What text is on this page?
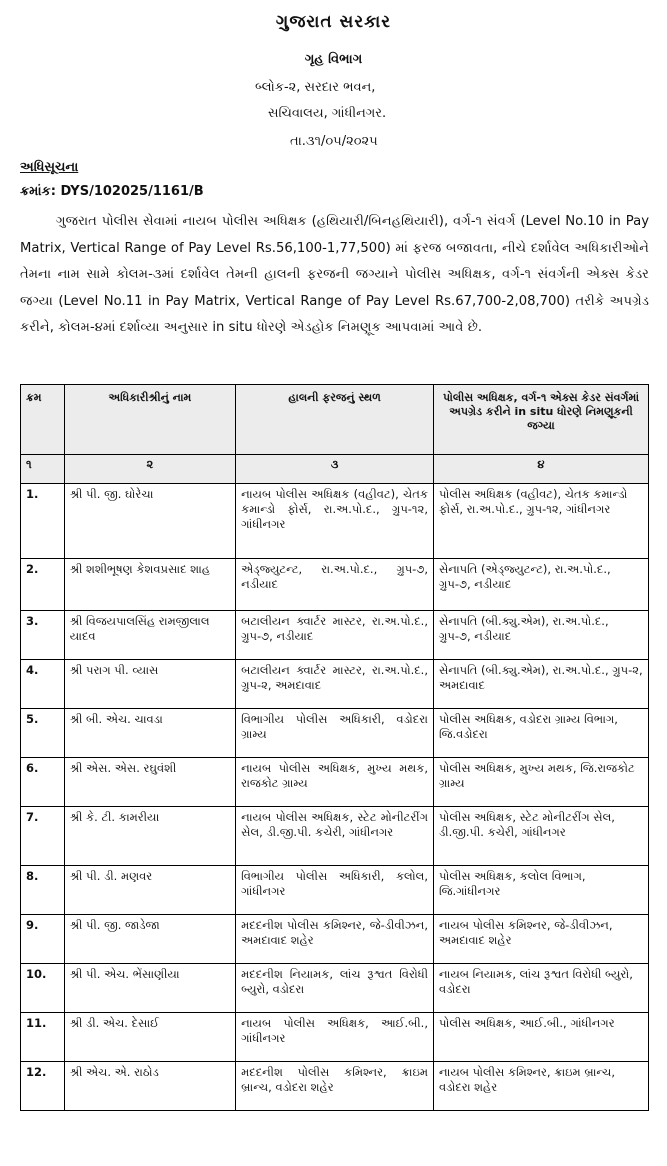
ગુજરાત સરકાર
ગૃહ વિભાગ
બ્લોક-૨, સરદાર ભવન,
સચિવાલય, ગાંધીનગર.
તા.૩૧/૦૫/૨૦૨૫
અધિસૂચના
ક્રમાંક: DYS/102025/1161/B
ગુજરાત પોલીસ સેવામાં નાયબ પોલીસ અધિક્ષક (હથિયારી/બિનહથિયારી), વર્ગ-૧ સંવર્ગ (Level No.10 in Pay Matrix, Vertical Range of Pay Level Rs.56,100-1,77,500) માં ફરજ બજાવતા, નીચે દર્શાવેલ અધિકારીઓને તેમના નામ સામે કોલમ-૩માં દર્શાવેલ તેમની હાલની ફરજની જગ્યાને પોલીસ અધિક્ષક, વર્ગ-૧ સંવર્ગની એક્સ કેડર જગ્યા (Level No.11 in Pay Matrix, Vertical Range of Pay Level Rs.67,700-2,08,700) તરીકે અપગ્રેડ કરીને, કોલમ-૪માં દર્શાવ્યા અનુસાર in situ ધોરણે એડહોક નિમણૂક આપવામાં આવે છે.
ક્રમ	અધિકારીશ્રીનું નામ	હાલની ફરજનું સ્થળ	પોલીસ અધિક્ષક, વર્ગ-૧ એક્સ કેડર સંવર્ગમાં અપગ્રેડ કરીને in situ ધોરણે નિમણૂકની જગ્યા
૧	૨	૩	૪
1.	શ્રી પી. જી. ઘોરેચા	નાયબ પોલીસ અધિક્ષક (વહીવટ), ચેતક કમાન્ડો ફોર્સ, રા.અ.પો.દ., ગ્રુપ-૧૨, ગાંધીનગર	પોલીસ અધિક્ષક (વહીવટ), ચેતક કમાન્ડો ફોર્સ, રા.અ.પો.દ., ગ્રુપ-૧૨, ગાંધીનગર
2.	શ્રી શશીભૂષણ કેશવપ્રસાદ શાહ	એડ્જ્યુટન્ટ, રા.અ.પો.દ., ગ્રુપ-૭, નડીયાદ	સેનાપતિ (એડ્જ્યુટન્ટ), રા.અ.પો.દ., ગ્રુપ-૭, નડીયાદ
3.	શ્રી વિજયપાલસિંહ રામજીલાલ યાદવ	બટાલીયન ક્વાર્ટર માસ્ટર, રા.અ.પો.દ., ગ્રુપ-૭, નડીયાદ	સેનાપતિ (બી.ક્યુ.એમ), રા.અ.પો.દ., ગ્રુપ-૭, નડીયાદ
4.	શ્રી પરાગ પી. વ્યાસ	બટાલીયન ક્વાર્ટર માસ્ટર, રા.અ.પો.દ., ગ્રુપ-૨, અમદાવાદ	સેનાપતિ (બી.ક્યુ.એમ), રા.અ.પો.દ., ગ્રુપ-૨, અમદાવાદ
5.	શ્રી બી. એચ. ચાવડા	વિભાગીય પોલીસ અધિકારી, વડોદરા ગ્રામ્ય	પોલીસ અધિક્ષક, વડોદરા ગ્રામ્ય વિભાગ, જિ.વડોદરા
6.	શ્રી એસ. એસ. રઘુવંશી	નાયબ પોલીસ અધિક્ષક, મુખ્ય મથક, રાજકોટ ગ્રામ્ય	પોલીસ અધિક્ષક, મુખ્ય મથક, જિ.રાજકોટ ગ્રામ્ય
7.	શ્રી કે. ટી. કામરીયા	નાયબ પોલીસ અધિક્ષક, સ્ટેટ મોનીટરીંગ સેલ, ડી.જી.પી. કચેરી, ગાંધીનગર	પોલીસ અધિક્ષક, સ્ટેટ મોનીટરીંગ સેલ, ડી.જી.પી. કચેરી, ગાંધીનગર
8.	શ્રી પી. ડી. મણવર	વિભાગીય પોલીસ અધિકારી, કલોલ, ગાંધીનગર	પોલીસ અધિક્ષક, કલોલ વિભાગ, જિ.ગાંધીનગર
9.	શ્રી પી. જી. જાડેજા	મદદનીશ પોલીસ કમિશ્નર, જે-ડીવીઝન, અમદાવાદ શહેર	નાયબ પોલીસ કમિશ્નર, જે-ડીવીઝન, અમદાવાદ શહેર
10.	શ્રી પી. એચ. ભેંસાણીયા	મદદનીશ નિયામક, લાંચ રૂશ્વત વિરોધી બ્યુરો, વડોદરા	નાયબ નિયામક, લાંચ રૂશ્વત વિરોધી બ્યુરો, વડોદરા
11.	શ્રી ડી. એચ. દેસાઈ	નાયબ પોલીસ અધિક્ષક, આઈ.બી., ગાંધીનગર	પોલીસ અધિક્ષક, આઈ.બી., ગાંધીનગર
12.	શ્રી એચ. એ. રાઠોડ	મદદનીશ પોલીસ કમિશ્નર, ક્રાઇમ બ્રાન્ચ, વડોદરા શહેર	નાયબ પોલીસ કમિશ્નર, ક્રાઇમ બ્રાન્ચ, વડોદરા શહેર
